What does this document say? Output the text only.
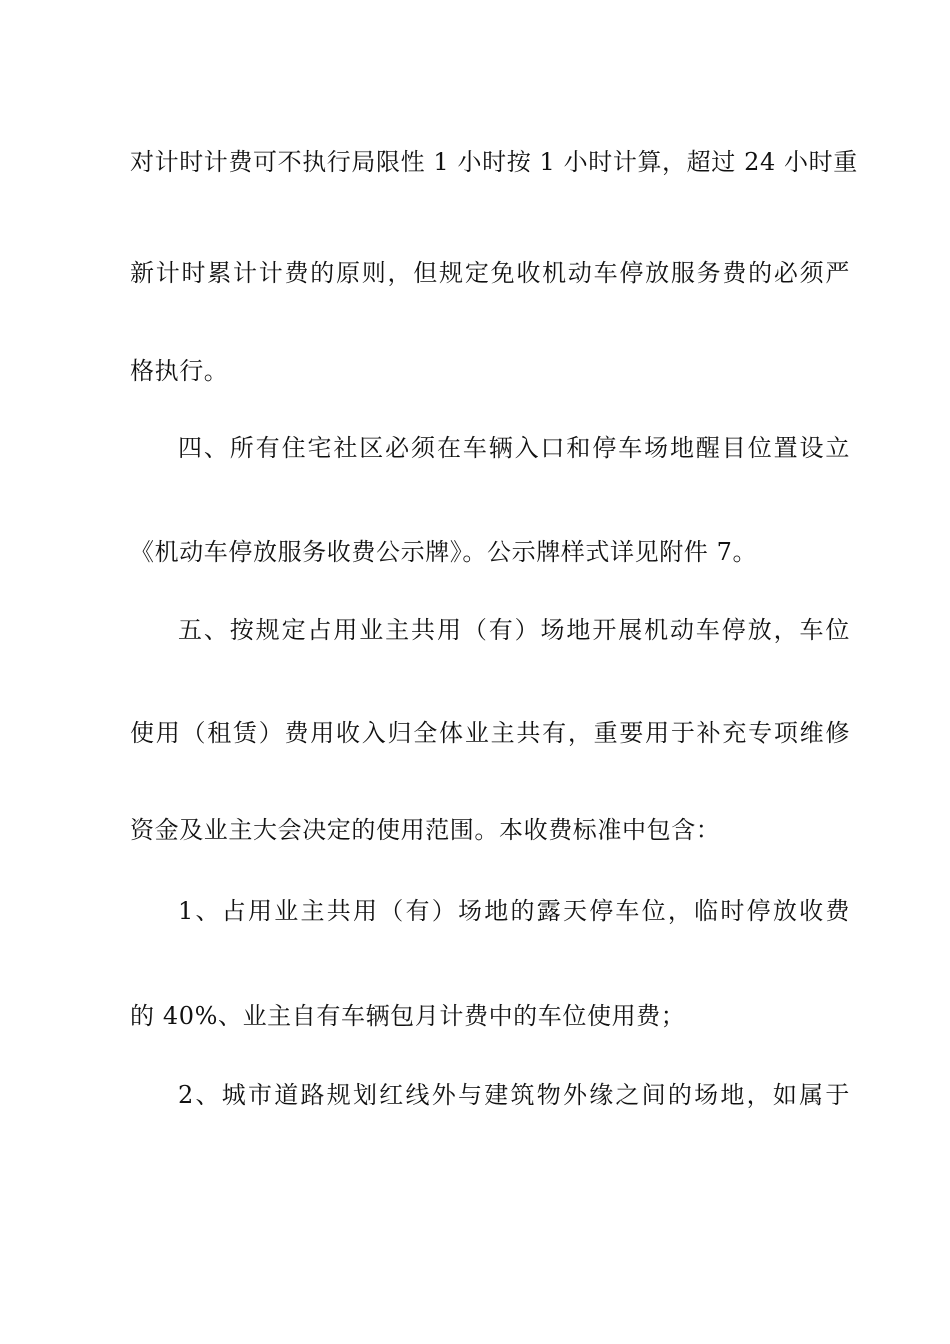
对计时计费可不执行局限性 1 小时按 1 小时计算，超过 24 小时重
新计时累计计费的原则，但规定免收机动车停放服务费的必须严
格执行。
四、所有住宅社区必须在车辆入口和停车场地醒目位置设立
《机动车停放服务收费公示牌》。公示牌样式详见附件 7。
五、按规定占用业主共用（有）场地开展机动车停放，车位
使用（租赁）费用收入归全体业主共有，重要用于补充专项维修
资金及业主大会决定的使用范围。本收费标准中包含：
1、占用业主共用（有）场地的露天停车位，临时停放收费
的 40%、业主自有车辆包月计费中的车位使用费；
2、城市道路规划红线外与建筑物外缘之间的场地，如属于
